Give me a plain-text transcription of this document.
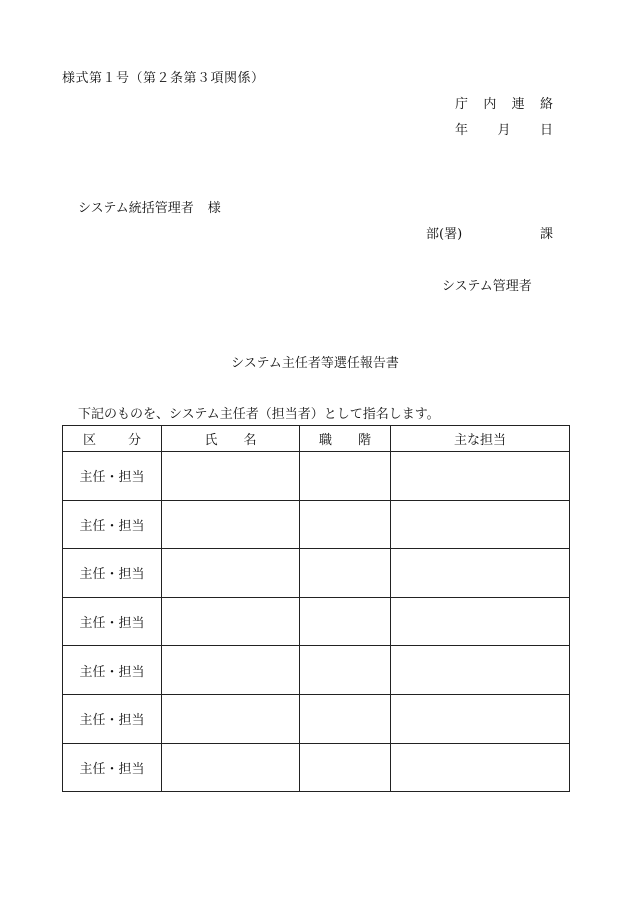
様式第１号（第２条第３項関係）
庁 内 連 絡
年 月 日
システム統括管理者 様
部(署)	課
システム管理者
システム主任者等選任報告書
下記のものを、システム主任者（担当者）として指名します。
区 分	氏 名	職 階	主な担当
主任・担当			
主任・担当			
主任・担当			
主任・担当			
主任・担当			
主任・担当			
主任・担当			
